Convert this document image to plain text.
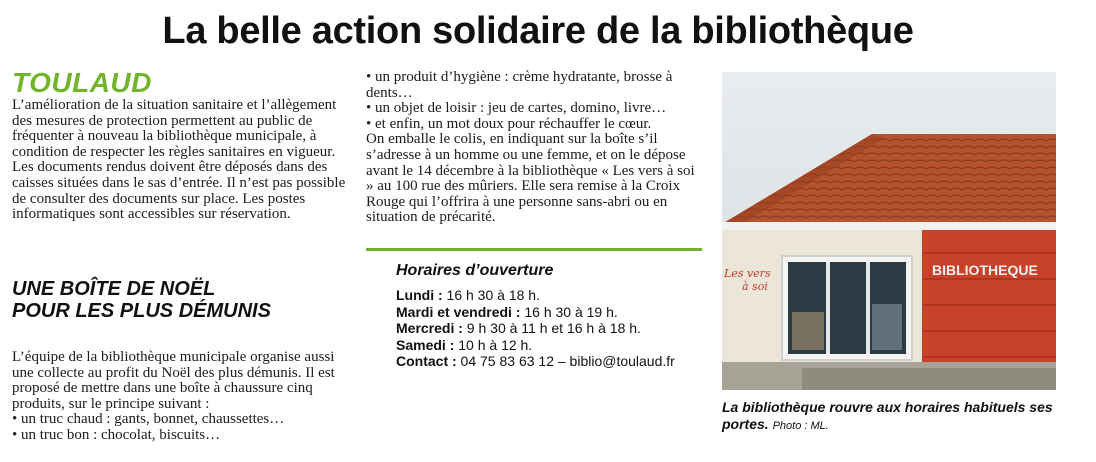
La belle action solidaire de la bibliothèque
TOULAUD

L’amélioration de la situation sanitaire et l’allègement des mesures de protection permettent au public de fréquenter à nouveau la bibliothèque municipale, à condition de respecter les règles sanitaires en vigueur. Les documents rendus doivent être déposés dans des caisses situées dans le sas d’entrée. Il n’est pas possible de consulter des documents sur place. Les postes informatiques sont accessibles sur réservation.

UNE BOÎTE DE NOËL
POUR LES PLUS DÉMUNIS

L’équipe de la bibliothèque municipale organise aussi une collecte au profit du Noël des plus démunis. Il est proposé de mettre dans une boîte à chaussure cinq produits, sur le principe suivant :

• un truc chaud : gants, bonnet, chaussettes…

• un truc bon : chocolat, biscuits…

• un produit d’hygiène : crème hydratante, brosse à dents…

• un objet de loisir : jeu de cartes, domino, livre…

• et enfin, un mot doux pour réchauffer le cœur.

On emballe le colis, en indiquant sur la boîte s’il s’adresse à un homme ou une femme, et on le dépose avant le 14 décembre à la bibliothèque « Les vers à soi » au 100 rue des mûriers. Elle sera remise à la Croix Rouge qui l’offrira à une personne sans-abri ou en situation de précarité.

Horaires d’ouverture
Lundi : 16 h 30 à 18 h.
Mardi et vendredi : 16 h 30 à 19 h.
Mercredi : 9 h 30 à 11 h et 16 h à 18 h.
Samedi : 10 h à 12 h.
Contact : 04 75 83 63 12 – biblio@toulaud.fr
BIBLIOTHEQUE
Les vers
à soi
La bibliothèque rouvre aux horaires habituels ses portes. Photo : ML.
